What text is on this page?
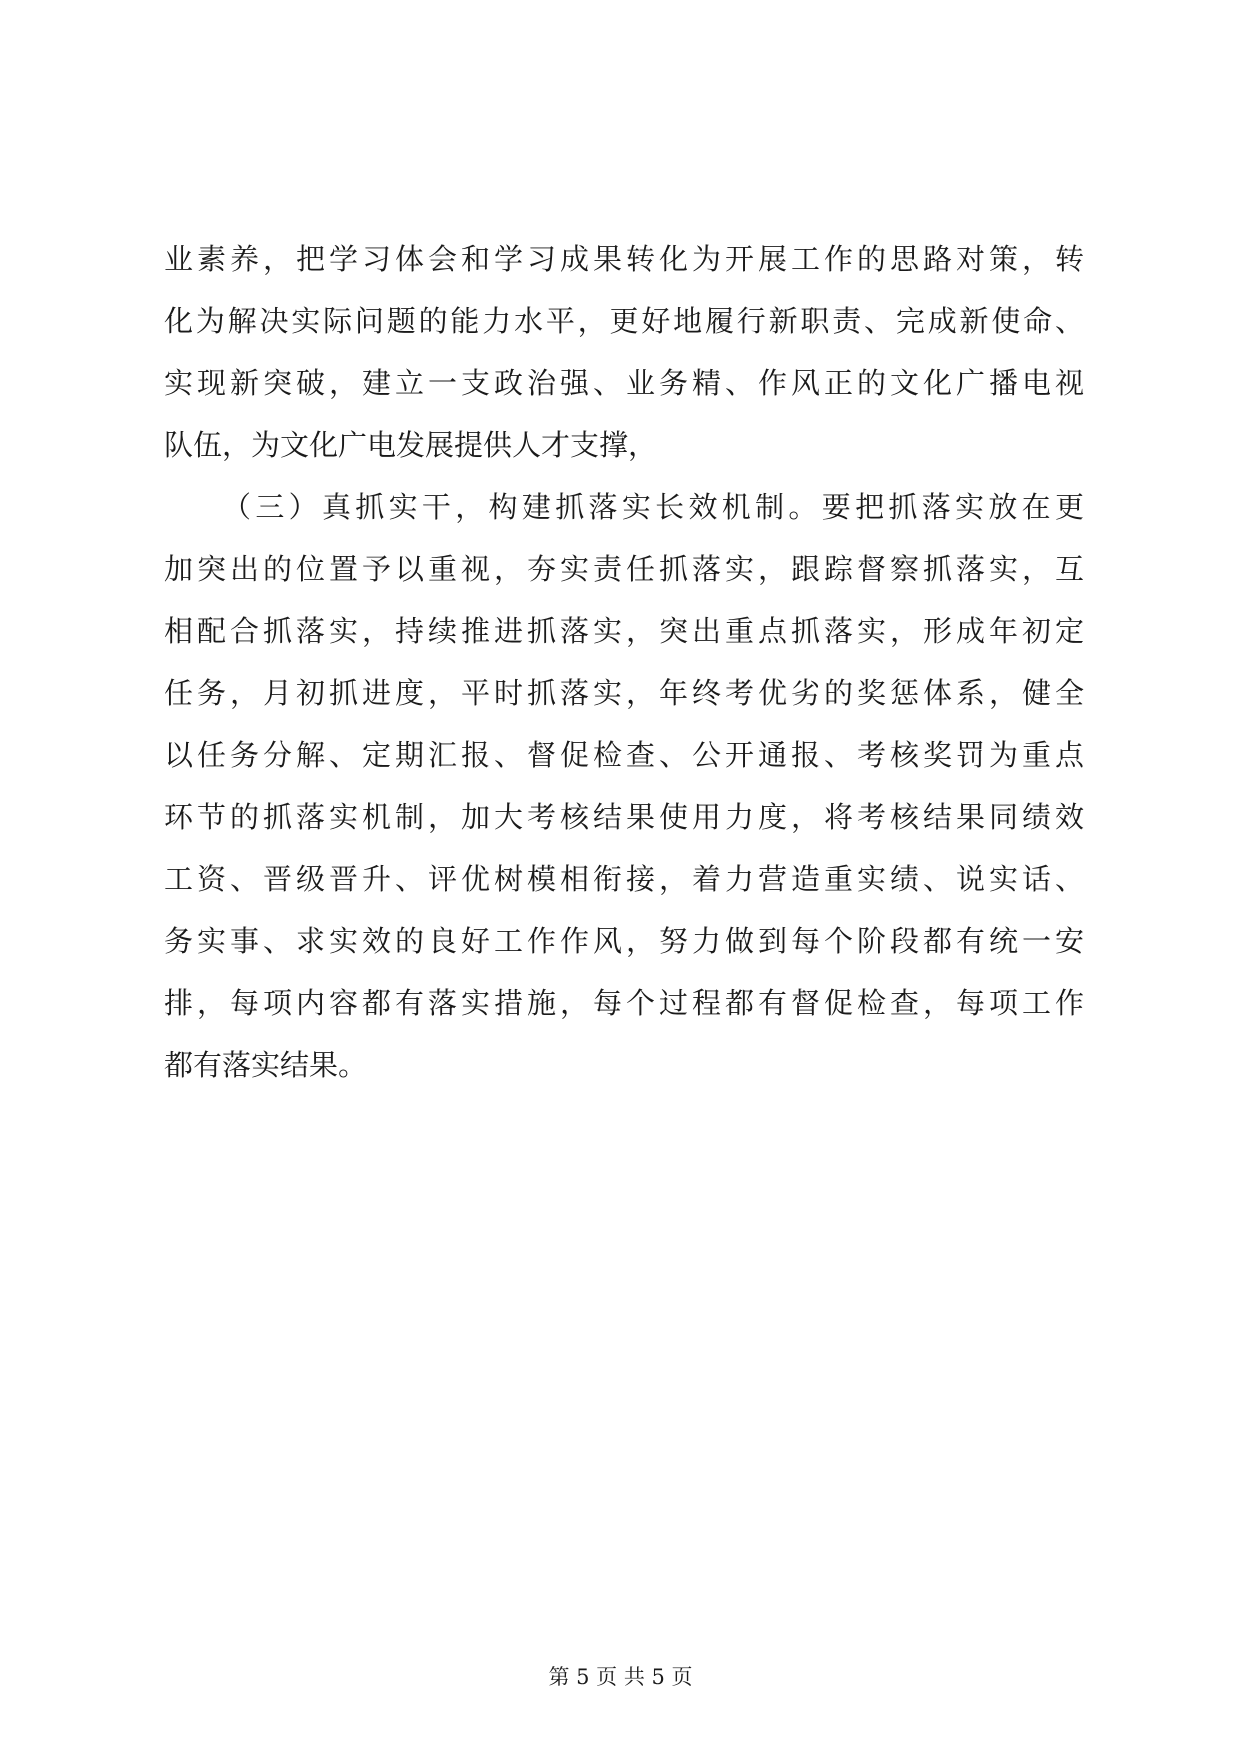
业素养，把学习体会和学习成果转化为开展工作的思路对策，转
化为解决实际问题的能力水平，更好地履行新职责、完成新使命、
实现新突破，建立一支政治强、业务精、作风正的文化广播电视
队伍，为文化广电发展提供人才支撑，
（三）真抓实干，构建抓落实长效机制。要把抓落实放在更
加突出的位置予以重视，夯实责任抓落实，跟踪督察抓落实，互
相配合抓落实，持续推进抓落实，突出重点抓落实，形成年初定
任务，月初抓进度，平时抓落实，年终考优劣的奖惩体系，健全
以任务分解、定期汇报、督促检查、公开通报、考核奖罚为重点
环节的抓落实机制，加大考核结果使用力度，将考核结果同绩效
工资、晋级晋升、评优树模相衔接，着力营造重实绩、说实话、
务实事、求实效的良好工作作风，努力做到每个阶段都有统一安
排，每项内容都有落实措施，每个过程都有督促检查，每项工作
都有落实结果。
第 5 页 共 5 页
